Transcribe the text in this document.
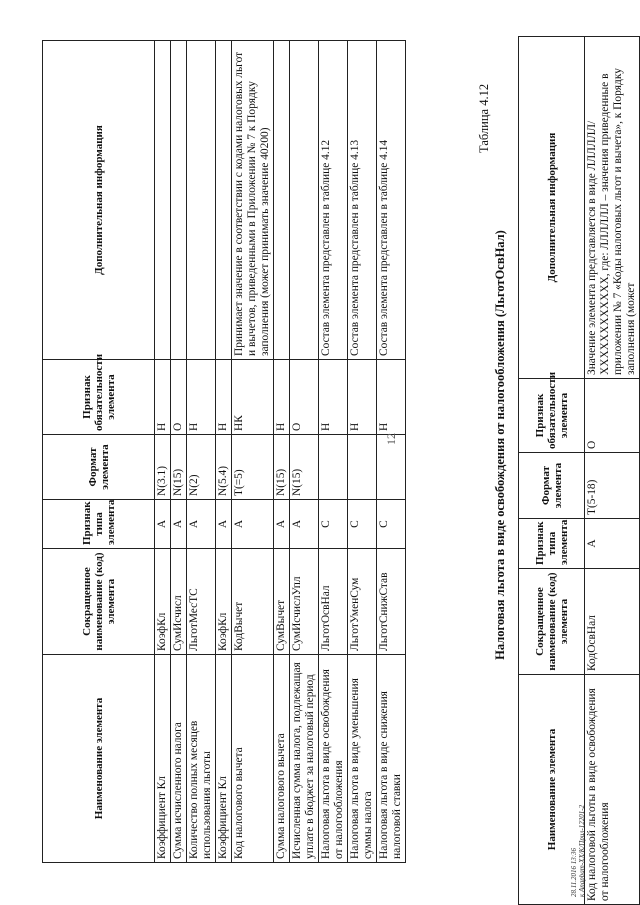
Наименование элемента	Сокращенное наименование (код) элемента	Признак типа элемента	Формат элемента	Признак обязательности элемента	Дополнительная информация
Коэффициент Кл	КоэфКл	А	N(3.1)	Н	
Сумма исчисленного налога	СумИсчисл	А	N(15)	О	
Количество полных месяцев использования льготы	ЛьготМесТС	А	N(2)	Н	
Коэффициент Кл	КоэфКл	А	N(5.4)	Н	
Код налогового вычета	КодВычет	А	T(=5)	НК	Принимает значение в соответствии с кодами налоговых льгот и вычетов, приведенными в Приложении № 7 к Порядку заполнения (может принимать значение 40200)
Сумма налогового вычета	СумВычет	А	N(15)	Н	
Исчисленная сумма налога, подлежащая уплате в бюджет за налоговый период	СумИсчислУпл	А	N(15)	О	
Налоговая льгота в виде освобождения от налогообложения	ЛьготОсвНал	С		Н	Состав элемента представлен в таблице 4.12
Налоговая льгота в виде уменьшения суммы налога	ЛьготУменСум	С		Н	Состав элемента представлен в таблице 4.13
Налоговая льгота в виде снижения налоговой ставки	ЛьготСнижСтав	С		Н	Состав элемента представлен в таблице 4.14
12
Таблица 4.12
Налоговая льгота в виде освобождения от налогообложения (ЛьготОсвНал)
Наименование элемента	Сокращенное наименование (код) элемента	Признак типа элемента	Формат элемента	Признак обязательности элемента	Дополнительная информация
Код налоговой льготы в виде освобождения от налогообложения	КодОсвНал	А	T(5-18)	О	Значение элемента представляется в виде ЛЛЛЛЛЛ/ХХХХХХХХХХХХ, где: ЛЛЛЛЛЛ – значения приведенные в приложении № 7 «Коды налоговых льгот и вычета», к Порядку заполнения (может
28.11.2016 13:36 к Anapbam-XX/К/Прил-12201-2
